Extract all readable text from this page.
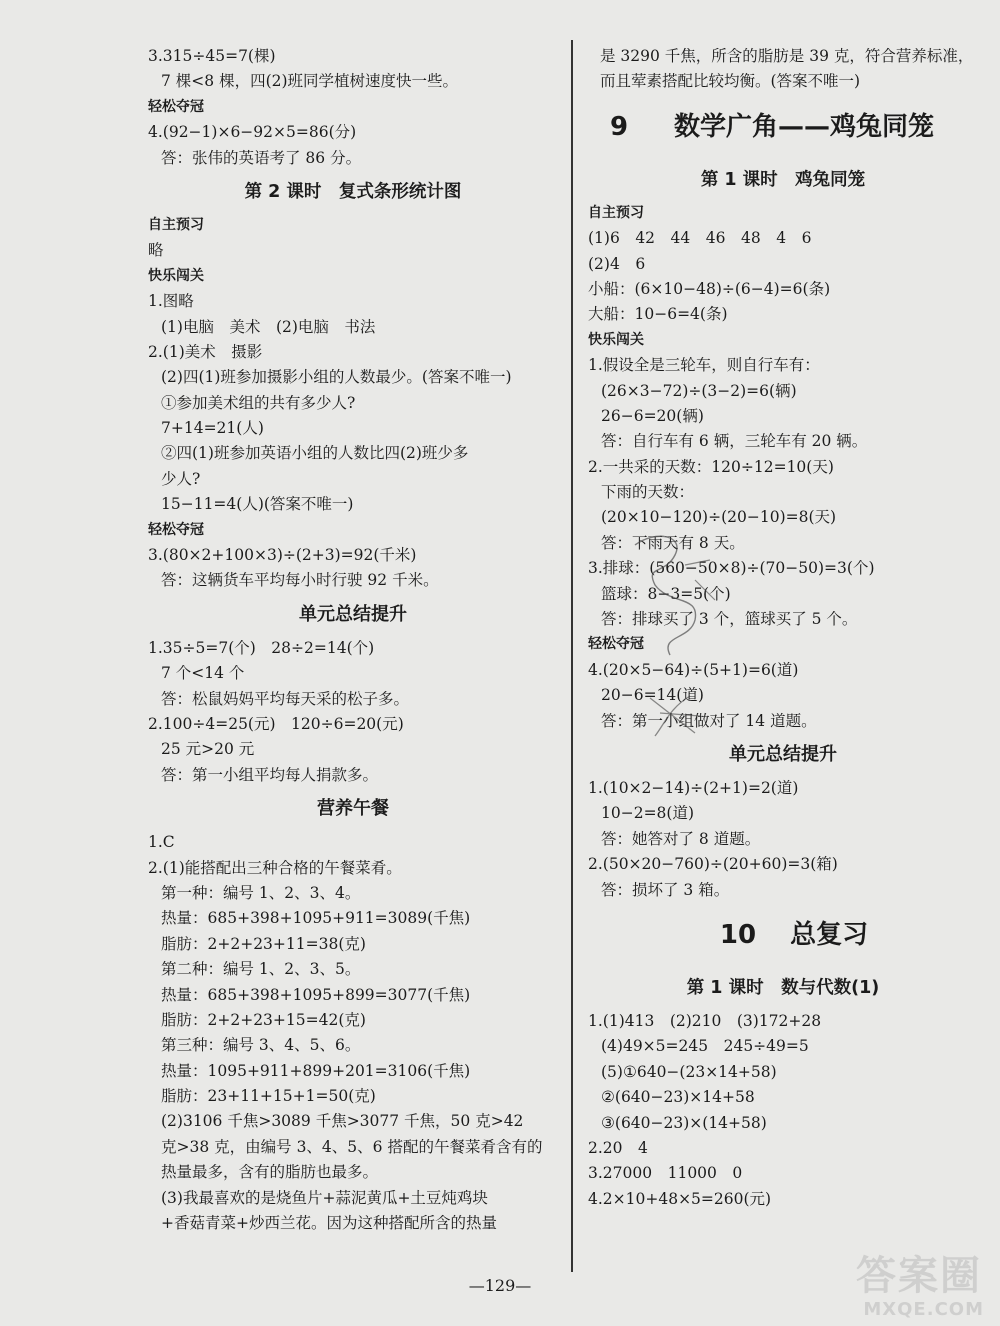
3.315÷45=7(棵)
7 棵<8 棵，四(2)班同学植树速度快一些。
轻松夺冠
4.(92−1)×6−92×5=86(分)
答：张伟的英语考了 86 分。
第 2 课时　复式条形统计图
自主预习
略
快乐闯关
1.图略
(1)电脑　美术　(2)电脑　书法
2.(1)美术　摄影
(2)四(1)班参加摄影小组的人数最少。(答案不唯一)
①参加美术组的共有多少人?
7+14=21(人)
②四(1)班参加英语小组的人数比四(2)班少多
少人?
15−11=4(人)(答案不唯一)
轻松夺冠
3.(80×2+100×3)÷(2+3)=92(千米)
答：这辆货车平均每小时行驶 92 千米。
单元总结提升
1.35÷5=7(个)　28÷2=14(个)
7 个<14 个
答：松鼠妈妈平均每天采的松子多。
2.100÷4=25(元)　120÷6=20(元)
25 元>20 元
答：第一小组平均每人捐款多。
营养午餐
1.C
2.(1)能搭配出三种合格的午餐菜肴。
第一种：编号 1、2、3、4。
热量：685+398+1095+911=3089(千焦)
脂肪：2+2+23+11=38(克)
第二种：编号 1、2、3、5。
热量：685+398+1095+899=3077(千焦)
脂肪：2+2+23+15=42(克)
第三种：编号 3、4、5、6。
热量：1095+911+899+201=3106(千焦)
脂肪：23+11+15+1=50(克)
(2)3106 千焦>3089 千焦>3077 千焦，50 克>42
克>38 克，由编号 3、4、5、6 搭配的午餐菜肴含有的
热量最多，含有的脂肪也最多。
(3)我最喜欢的是烧鱼片+蒜泥黄瓜+土豆炖鸡块
+香菇青菜+炒西兰花。因为这种搭配所含的热量
是 3290 千焦，所含的脂肪是 39 克，符合营养标准，
而且荤素搭配比较均衡。(答案不唯一)
9 数学广角——鸡兔同笼
第 1 课时　鸡兔同笼
自主预习
(1)6　42　44　46　48　4　6
(2)4　6
小船：(6×10−48)÷(6−4)=6(条)
大船：10−6=4(条)
快乐闯关
1.假设全是三轮车，则自行车有：
(26×3−72)÷(3−2)=6(辆)
26−6=20(辆)
答：自行车有 6 辆，三轮车有 20 辆。
2.一共采的天数：120÷12=10(天)
下雨的天数：
(20×10−120)÷(20−10)=8(天)
答：下雨天有 8 天。
3.排球：(560−50×8)÷(70−50)=3(个)
篮球：8−3=5(个)
答：排球买了 3 个，篮球买了 5 个。
轻松夺冠
4.(20×5−64)÷(5+1)=6(道)
20−6=14(道)
答：第一小组做对了 14 道题。
单元总结提升
1.(10×2−14)÷(2+1)=2(道)
10−2=8(道)
答：她答对了 8 道题。
2.(50×20−760)÷(20+60)=3(箱)
答：损坏了 3 箱。
10 总复习
第 1 课时　数与代数(1)
1.(1)413　(2)210　(3)172+28
(4)49×5=245　245÷49=5
(5)①640−(23×14+58)
②(640−23)×14+58
③(640−23)×(14+58)
2.20　4
3.27000　11000　0
4.2×10+48×5=260(元)
—129—	答案圈
MXQE.COM
